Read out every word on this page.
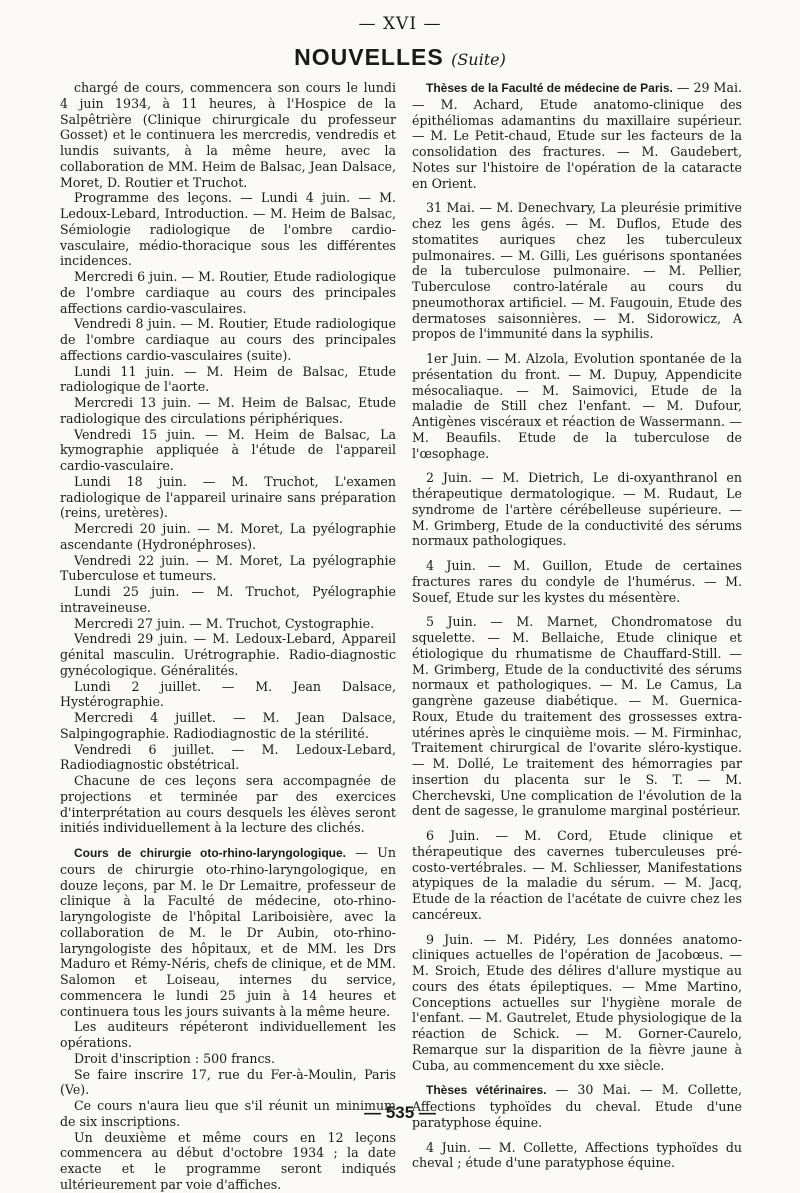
— XVI —
NOUVELLES (Suite)

chargé de cours, commencera son cours le lundi 4 juin 1934, à 11 heures, à l'Hospice de la Salpêtrière (Clinique chirurgicale du professeur Gosset) et le continuera les mercredis, vendredis et lundis suivants, à la même heure, avec la collaboration de MM. Heim de Balsac, Jean Dalsace, Moret, D. Routier et Truchot.

Programme des leçons. — Lundi 4 juin. — M. Ledoux-Lebard, Introduction. — M. Heim de Balsac, Sémiologie radiologique de l'ombre cardio-vasculaire, médio-thoracique sous les différentes incidences.

Mercredi 6 juin. — M. Routier, Etude radiologique de l'ombre cardiaque au cours des principales affections cardio-vasculaires.

Vendredi 8 juin. — M. Routier, Etude radiologique de l'ombre cardiaque au cours des principales affections cardio-vasculaires (suite).

Lundi 11 juin. — M. Heim de Balsac, Etude radiologique de l'aorte.

Mercredi 13 juin. — M. Heim de Balsac, Etude radiologique des circulations périphériques.

Vendredi 15 juin. — M. Heim de Balsac, La kymographie appliquée à l'étude de l'appareil cardio-vasculaire.

Lundi 18 juin. — M. Truchot, L'examen radiologique de l'appareil urinaire sans préparation (reins, uretères).

Mercredi 20 juin. — M. Moret, La pyélographie ascendante (Hydronéphroses).

Vendredi 22 juin. — M. Moret, La pyélographie Tuberculose et tumeurs.

Lundi 25 juin. — M. Truchot, Pyélographie intraveineuse.

Mercredi 27 juin. — M. Truchot, Cystographie.

Vendredi 29 juin. — M. Ledoux-Lebard, Appareil génital masculin. Urétrographie. Radio-diagnostic gynécologique. Généralités.

Lundi 2 juillet. — M. Jean Dalsace, Hystérographie.

Mercredi 4 juillet. — M. Jean Dalsace, Salpingographie. Radiodiagnostic de la stérilité.

Vendredi 6 juillet. — M. Ledoux-Lebard, Radiodiagnostic obstétrical.

Chacune de ces leçons sera accompagnée de projections et terminée par des exercices d'interprétation au cours desquels les élèves seront initiés individuellement à la lecture des clichés.

Cours de chirurgie oto-rhino-laryngologique. — Un cours de chirurgie oto-rhino-laryngologique, en douze leçons, par M. le Dr Lemaitre, professeur de clinique à la Faculté de médecine, oto-rhino-laryngologiste de l'hôpital Lariboisière, avec la collaboration de M. le Dr Aubin, oto-rhino-laryngologiste des hôpitaux, et de MM. les Drs Maduro et Rémy-Néris, chefs de clinique, et de MM. Salomon et Loiseau, internes du service, commencera le lundi 25 juin à 14 heures et continuera tous les jours suivants à la même heure.

Les auditeurs répéteront individuellement les opérations.

Droit d'inscription : 500 francs.

Se faire inscrire 17, rue du Fer-à-Moulin, Paris (Ve).

Ce cours n'aura lieu que s'il réunit un minimum de six inscriptions.

Un deuxième et même cours en 12 leçons commencera au début d'octobre 1934 ; la date exacte et le programme seront indiqués ultérieurement par voie d'affiches.

Thèses de la Faculté de médecine de Paris. — 29 Mai. — M. Achard, Etude anatomo-clinique des épithéliomas adamantins du maxillaire supérieur. — M. Le Petit-chaud, Etude sur les facteurs de la consolidation des fractures. — M. Gaudebert, Notes sur l'histoire de l'opération de la cataracte en Orient.

31 Mai. — M. Denechvary, La pleurésie primitive chez les gens âgés. — M. Duflos, Etude des stomatites auriques chez les tuberculeux pulmonaires. — M. Gilli, Les guérisons spontanées de la tuberculose pulmonaire. — M. Pellier, Tuberculose contro-latérale au cours du pneumothorax artificiel. — M. Faugouin, Etude des dermatoses saisonnières. — M. Sidorowicz, A propos de l'immunité dans la syphilis.

1er Juin. — M. Alzola, Evolution spontanée de la présentation du front. — M. Dupuy, Appendicite mésocaliaque. — M. Saimovici, Etude de la maladie de Still chez l'enfant. — M. Dufour, Antigènes viscéraux et réaction de Wassermann. — M. Beaufils. Etude de la tuberculose de l'œsophage.

2 Juin. — M. Dietrich, Le di-oxyanthranol en thérapeutique dermatologique. — M. Rudaut, Le syndrome de l'artère cérébelleuse supérieure. — M. Grimberg, Etude de la conductivité des sérums normaux pathologiques.

4 Juin. — M. Guillon, Etude de certaines fractures rares du condyle de l'humérus. — M. Souef, Etude sur les kystes du mésentère.

5 Juin. — M. Marnet, Chondromatose du squelette. — M. Bellaiche, Etude clinique et étiologique du rhumatisme de Chauffard-Still. — M. Grimberg, Etude de la conductivité des sérums normaux et pathologiques. — M. Le Camus, La gangrène gazeuse diabétique. — M. Guernica-Roux, Etude du traitement des grossesses extra-utérines après le cinquième mois. — M. Firminhac, Traitement chirurgical de l'ovarite sléro-kystique. — M. Dollé, Le traitement des hémorragies par insertion du placenta sur le S. T. — M. Cherchevski, Une complication de l'évolution de la dent de sagesse, le granulome marginal postérieur.

6 Juin. — M. Cord, Etude clinique et thérapeutique des cavernes tuberculeuses pré-costo-vertébrales. — M. Schliesser, Manifestations atypiques de la maladie du sérum. — M. Jacq, Etude de la réaction de l'acétate de cuivre chez les cancéreux.

9 Juin. — M. Pidéry, Les données anatomo-cliniques actuelles de l'opération de Jacobœus. — M. Sroich, Etude des délires d'allure mystique au cours des états épileptiques. — Mme Martino, Conceptions actuelles sur l'hygiène morale de l'enfant. — M. Gautrelet, Etude physiologique de la réaction de Schick. — M. Gorner-Caurelo, Remarque sur la disparition de la fièvre jaune à Cuba, au commencement du xxe siècle.

Thèses vétérinaires. — 30 Mai. — M. Collette, Affections typhoïdes du cheval. Etude d'une paratyphose équine.

4 Juin. — M. Collette, Affections typhoïdes du cheval ; étude d'une paratyphose équine.

— 535 —
